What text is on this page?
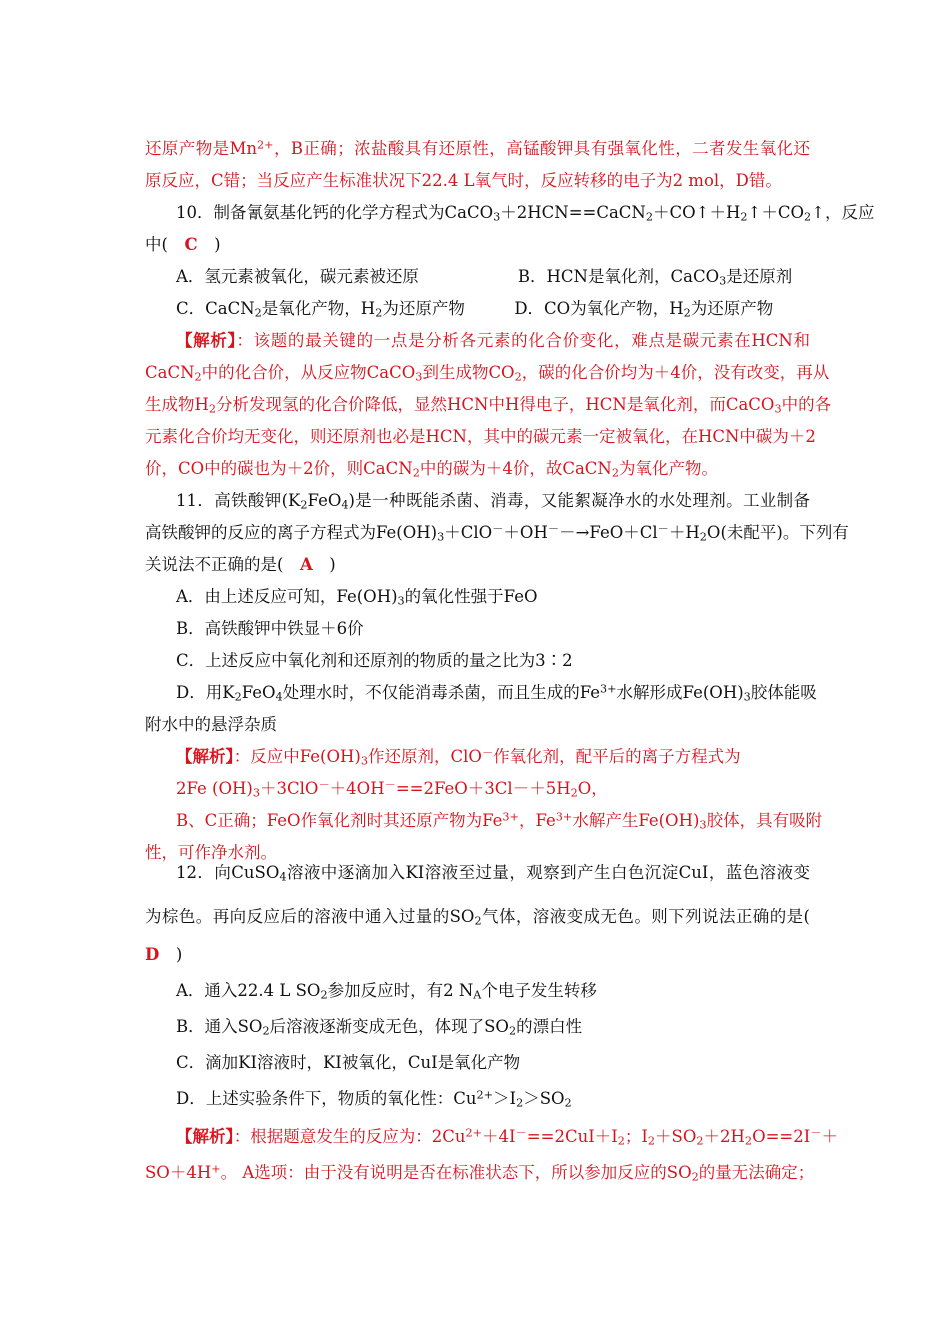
还原产物是$Mn^{2+}$，B正确；浓盐酸具有还原性，高锰酸钾具有强氧化性，二者发生氧化还
原反应，C错；当反应产生标准状况下22.4 L氧气时，反应转移的电子为2 mol，D错。
10．制备氰氨基化钙的化学方程式为$CaCO_3+2HCN==CaCN_2+CO↑+H_2↑+CO_2↑$，反应
中(　C　)
A．氢元素被氧化，碳元素被还原　　　　　　B．HCN是氧化剂，CaCO$_3$是还原剂
C．CaCN$_2$是氧化产物，$H_2$为还原产物　　　D．CO为氧化产物，$H_2$为还原产物
【解析】：该题的最关键的一点是分析各元素的化合价变化，难点是碳元素在HCN和
CaCN$_2$中的化合价，从反应物CaCO$_3$到生成物$CO_2$，碳的化合价均为＋4价，没有改变，再从
生成物$H_2$分析发现氢的化合价降低，显然HCN中H得电子，HCN是氧化剂，而CaCO$_3$中的各
元素化合价均无变化，则还原剂也必是HCN，其中的碳元素一定被氧化，在HCN中碳为＋2
价，CO中的碳也为＋2价，则CaCN$_2$中的碳为＋4价，故CaCN$_2$为氧化产物。
11．高铁酸钾$(K_2FeO_4)$是一种既能杀菌、消毒，又能絮凝净水的水处理剂。工业制备
高铁酸钾的反应的离子方程式为$Fe(OH)_3+ClO^-+OH^--\to FeO+Cl^-+H_2O$(未配平)。下列有
关说法不正确的是(　A　)
A．由上述反应可知，$Fe(OH)_3$的氧化性强于FeO
B．高铁酸钾中铁显＋6价
C．上述反应中氧化剂和还原剂的物质的量之比为3∶2
D．用$K_2FeO_4$处理水时，不仅能消毒杀菌，而且生成的$Fe^{3+}$水解形成$Fe(OH)_3$胶体能吸
附水中的悬浮杂质
【解析】：反应中$Fe(OH)_3$作还原剂，ClO－作氧化剂，配平后的离子方程式为
2Fe $(OH)_3+3ClO^-+4OH^-==2FeO+3Cl-+5H_2O$，
B、C正确；FeO作氧化剂时其还原产物为$Fe^{3+}$，$Fe^{3+}$水解产生$Fe(OH)_3$胶体，具有吸附
性，可作净水剂。
12．向CuSO$_4$溶液中逐滴加入KI溶液至过量，观察到产生白色沉淀CuI，蓝色溶液变
为棕色。再向反应后的溶液中通入过量的$SO_2$气体，溶液变成无色。则下列说法正确的是(
D　)
A．通入22.4 L $SO_2$参加反应时，有2 $N_A$个电子发生转移
B．通入$SO_2$后溶液逐渐变成无色，体现了$SO_2$的漂白性
C．滴加KI溶液时，KI被氧化，CuI是氧化产物
D．上述实验条件下，物质的氧化性：$Cu^{2+}>I_2>SO_2$
【解析】：根据题意发生的反应为：$2Cu^{2+}+4I^-==2CuI+I_2$；$I_2+SO_2+2H_2O==2I^-+$
SO＋4H+。 A选项：由于没有说明是否在标准状态下，所以参加反应的$SO_2$的量无法确定；
